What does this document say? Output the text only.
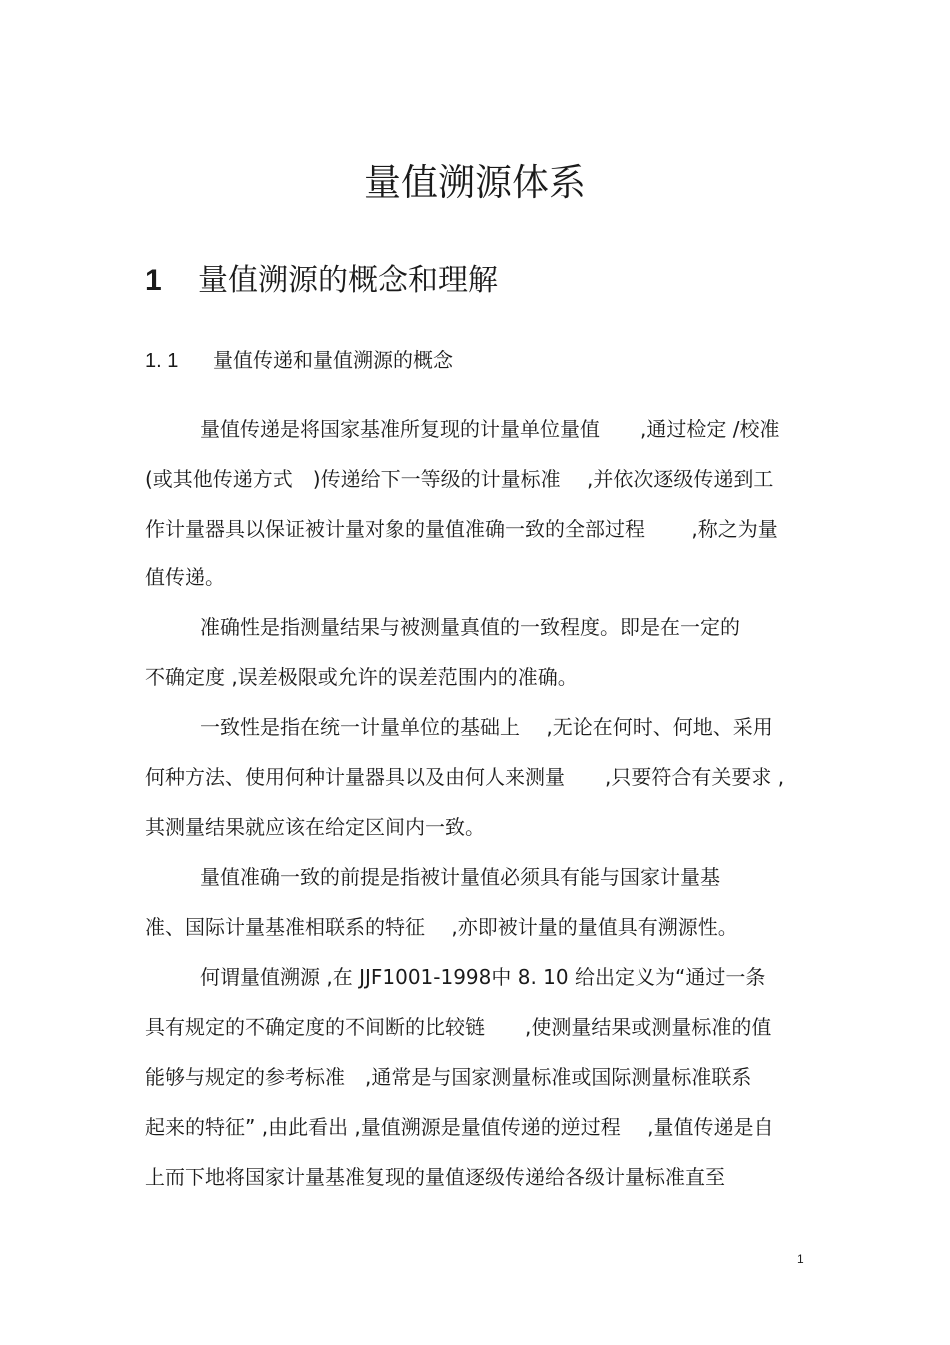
量值溯源体系
1 量值溯源的概念和理解
1. 1 量值传递和量值溯源的概念

量值传递是将国家基准所复现的计量单位量值　　,通过检定 /校准

(或其他传递方式　)传递给下一等级的计量标准　 ,并依次逐级传递到工

作计量器具以保证被计量对象的量值准确一致的全部过程　　 ,称之为量

值传递。

准确性是指测量结果与被测量真值的一致程度。即是在一定的

不确定度 ,误差极限或允许的误差范围内的准确。

一致性是指在统一计量单位的基础上　 ,无论在何时、何地、采用

何种方法、使用何种计量器具以及由何人来测量　　,只要符合有关要求 ,

其测量结果就应该在给定区间内一致。

量值准确一致的前提是指被计量值必须具有能与国家计量基

准、国际计量基准相联系的特征　 ,亦即被计量的量值具有溯源性。

何谓量值溯源 ,在 JJF1001-1998中 8. 10 给出定义为“通过一条

具有规定的不确定度的不间断的比较链　　,使测量结果或测量标准的值

能够与规定的参考标准　,通常是与国家测量标准或国际测量标准联系

起来的特征” ,由此看出 ,量值溯源是量值传递的逆过程　 ,量值传递是自

上而下地将国家计量基准复现的量值逐级传递给各级计量标准直至

1
